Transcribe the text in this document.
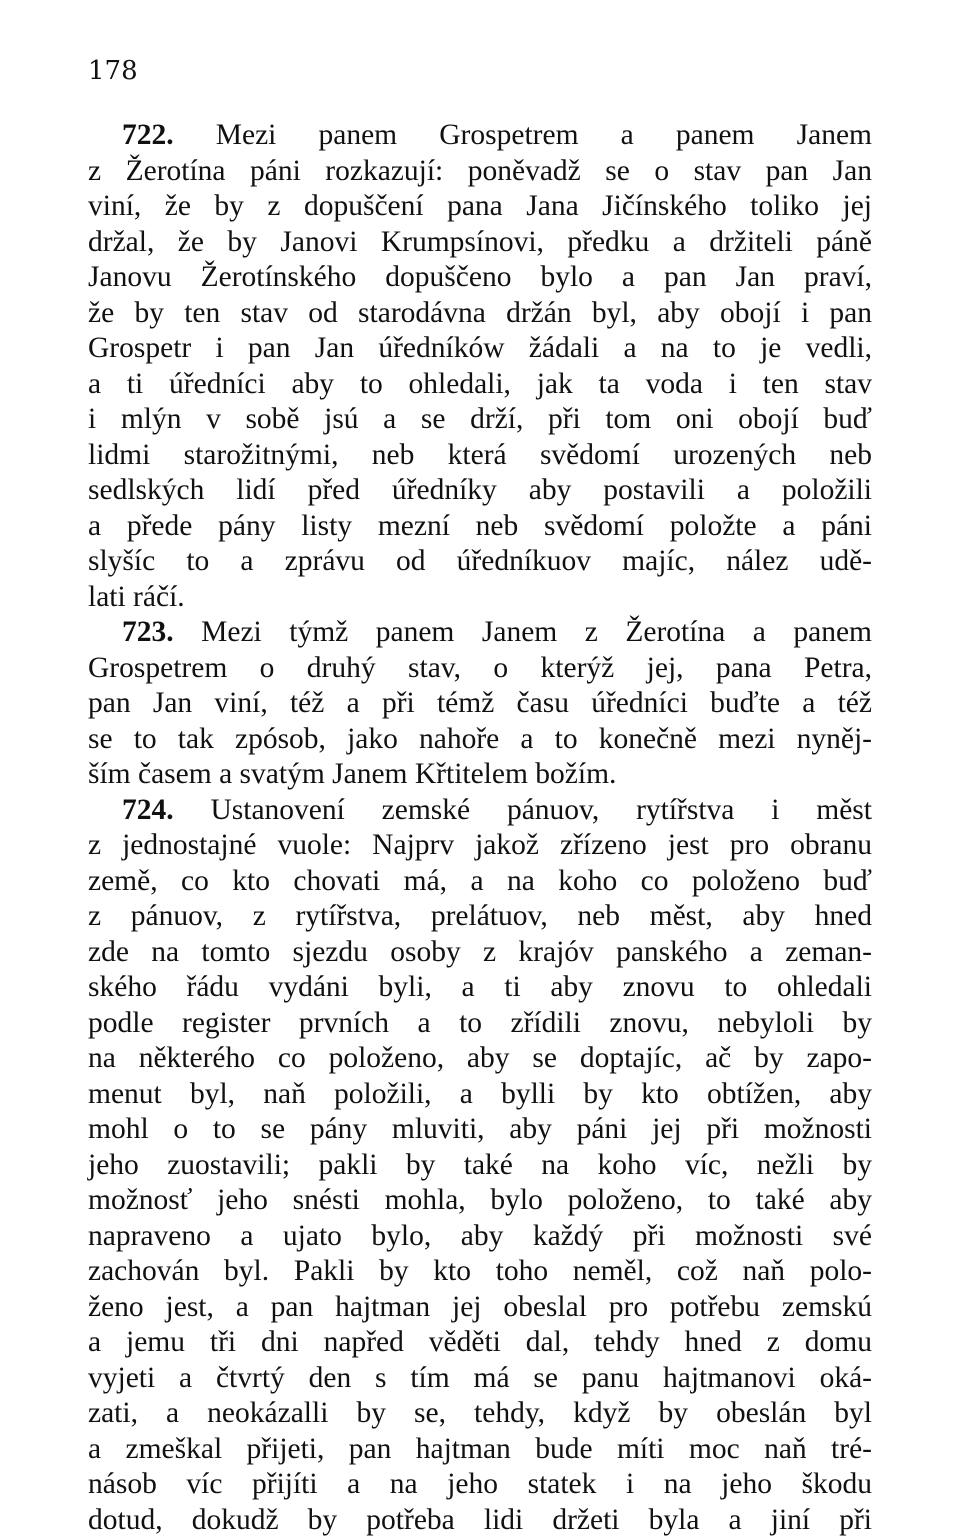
178
722. Mezi panem Grospetrem a panem Janem
z Žerotína páni rozkazují: poněvadž se o stav pan Jan
viní, že by z dopuščení pana Jana Jičínského toliko jej
držal, že by Janovi Krumpsínovi, předku a držiteli páně
Janovu Žerotínského dopuščeno bylo a pan Jan praví,
že by ten stav od starodávna držán byl, aby obojí i pan
Grospetr i pan Jan úředníków žádali a na to je vedli,
a ti úředníci aby to ohledali, jak ta voda i ten stav
i mlýn v sobě jsú a se drží, při tom oni obojí buď
lidmi starožitnými, neb která svědomí urozených neb
sedlských lidí před úředníky aby postavili a položili
a přede pány listy mezní neb svědomí položte a páni
slyšíc to a zprávu od úředníkuov majíc, nález udě-
lati ráčí.
723. Mezi týmž panem Janem z Žerotína a panem
Grospetrem o druhý stav, o kterýž jej, pana Petra,
pan Jan viní, též a při témž času úředníci buďte a též
se to tak zpósob, jako nahoře a to konečně mezi nyněj-
ším časem a svatým Janem Křtitelem božím.
724. Ustanovení zemské pánuov, rytířstva i měst
z jednostajné vuole: Najprv jakož zřízeno jest pro obranu
země, co kto chovati má, a na koho co položeno buď
z pánuov, z rytířstva, prelátuov, neb měst, aby hned
zde na tomto sjezdu osoby z krajóv panského a zeman-
ského řádu vydáni byli, a ti aby znovu to ohledali
podle register prvních a to zřídili znovu, nebyloli by
na některého co položeno, aby se doptajíc, ač by zapo-
menut byl, naň položili, a bylli by kto obtížen, aby
mohl o to se pány mluviti, aby páni jej při možnosti
jeho zuostavili; pakli by také na koho víc, nežli by
možnosť jeho snésti mohla, bylo položeno, to také aby
napraveno a ujato bylo, aby každý při možnosti své
zachován byl. Pakli by kto toho neměl, což naň polo-
ženo jest, a pan hajtman jej obeslal pro potřebu zemskú
a jemu tři dni napřed věděti dal, tehdy hned z domu
vyjeti a čtvrtý den s tím má se panu hajtmanovi oká-
zati, a neokázalli by se, tehdy, když by obeslán byl
a zmeškal přijeti, pan hajtman bude míti moc naň tré-
násob víc přijíti a na jeho statek i na jeho škodu
dotud, dokudž by potřeba lidi držeti byla a jiní při
